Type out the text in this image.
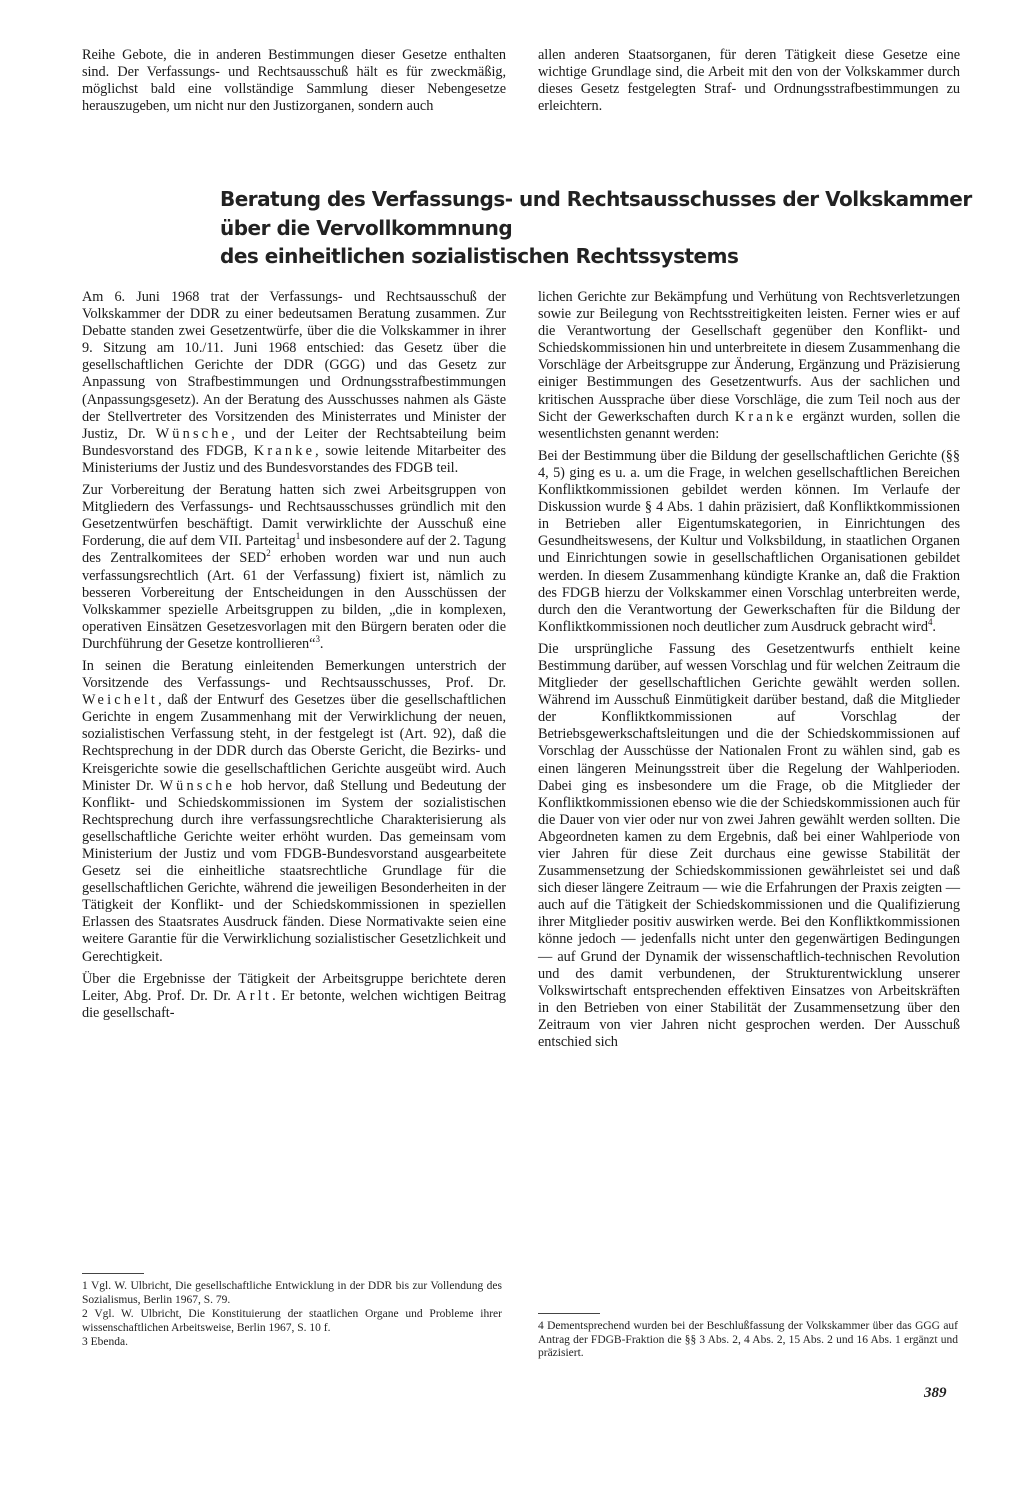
Reihe Gebote, die in anderen Bestimmungen dieser Gesetze enthalten sind. Der Verfassungs- und Rechtsausschuß hält es für zweckmäßig, möglichst bald eine vollständige Sammlung dieser Nebengesetze herauszugeben, um nicht nur den Justizorganen, sondern auch

allen anderen Staatsorganen, für deren Tätigkeit diese Gesetze eine wichtige Grundlage sind, die Arbeit mit den von der Volkskammer durch dieses Gesetz festgelegten Straf- und Ordnungsstrafbestimmungen zu erleichtern.

Beratung des Verfassungs- und Rechtsausschusses der Volkskammer
über die Vervollkommnung
des einheitlichen sozialistischen Rechtssystems

Am 6. Juni 1968 trat der Verfassungs- und Rechtsausschuß der Volkskammer der DDR zu einer bedeutsamen Beratung zusammen. Zur Debatte standen zwei Gesetzentwürfe, über die die Volkskammer in ihrer 9. Sitzung am 10./11. Juni 1968 entschied: das Gesetz über die gesellschaftlichen Gerichte der DDR (GGG) und das Gesetz zur Anpassung von Strafbestimmungen und Ordnungsstrafbestimmungen (Anpassungsgesetz). An der Beratung des Ausschusses nahmen als Gäste der Stellvertreter des Vorsitzenden des Ministerrates und Minister der Justiz, Dr. Wünsche, und der Leiter der Rechtsabteilung beim Bundesvorstand des FDGB, Kranke, sowie leitende Mitarbeiter des Ministeriums der Justiz und des Bundesvorstandes des FDGB teil.

Zur Vorbereitung der Beratung hatten sich zwei Arbeitsgruppen von Mitgliedern des Verfassungs- und Rechtsausschusses gründlich mit den Gesetzentwürfen beschäftigt. Damit verwirklichte der Ausschuß eine Forderung, die auf dem VII. Parteitag$^1$ und insbesondere auf der 2. Tagung des Zentralkomitees der SED$^2$ erhoben worden war und nun auch verfassungsrechtlich (Art. 61 der Verfassung) fixiert ist, nämlich zu besseren Vorbereitung der Entscheidungen in den Ausschüssen der Volkskammer spezielle Arbeitsgruppen zu bilden, „die in komplexen, operativen Einsätzen Gesetzesvorlagen mit den Bürgern beraten oder die Durchführung der Gesetze kontrollieren“$^3$.

In seinen die Beratung einleitenden Bemerkungen unterstrich der Vorsitzende des Verfassungs- und Rechtsausschusses, Prof. Dr. Weichelt, daß der Entwurf des Gesetzes über die gesellschaftlichen Gerichte in engem Zusammenhang mit der Verwirklichung der neuen, sozialistischen Verfassung steht, in der festgelegt ist (Art. 92), daß die Rechtsprechung in der DDR durch das Oberste Gericht, die Bezirks- und Kreisgerichte sowie die gesellschaftlichen Gerichte ausgeübt wird. Auch Minister Dr. Wünsche hob hervor, daß Stellung und Bedeutung der Konflikt- und Schiedskommissionen im System der sozialistischen Rechtsprechung durch ihre verfassungsrechtliche Charakterisierung als gesellschaftliche Gerichte weiter erhöht wurden. Das gemeinsam vom Ministerium der Justiz und vom FDGB-Bundesvorstand ausgearbeitete Gesetz sei die einheitliche staatsrechtliche Grundlage für die gesellschaftlichen Gerichte, während die jeweiligen Besonderheiten in der Tätigkeit der Konflikt- und der Schiedskommissionen in speziellen Erlassen des Staatsrates Ausdruck fänden. Diese Normativakte seien eine weitere Garantie für die Verwirklichung sozialistischer Gesetzlichkeit und Gerechtigkeit.

Über die Ergebnisse der Tätigkeit der Arbeitsgruppe berichtete deren Leiter, Abg. Prof. Dr. Dr. Arlt. Er betonte, welchen wichtigen Beitrag die gesellschaft-

lichen Gerichte zur Bekämpfung und Verhütung von Rechtsverletzungen sowie zur Beilegung von Rechtsstreitigkeiten leisten. Ferner wies er auf die Verantwortung der Gesellschaft gegenüber den Konflikt- und Schiedskommissionen hin und unterbreitete in diesem Zusammenhang die Vorschläge der Arbeitsgruppe zur Änderung, Ergänzung und Präzisierung einiger Bestimmungen des Gesetzentwurfs. Aus der sachlichen und kritischen Aussprache über diese Vorschläge, die zum Teil noch aus der Sicht der Gewerkschaften durch Kranke ergänzt wurden, sollen die wesentlichsten genannt werden:

Bei der Bestimmung über die Bildung der gesellschaftlichen Gerichte (§§ 4, 5) ging es u. a. um die Frage, in welchen gesellschaftlichen Bereichen Konfliktkommissionen gebildet werden können. Im Verlaufe der Diskussion wurde § 4 Abs. 1 dahin präzisiert, daß Konfliktkommissionen in Betrieben aller Eigentumskategorien, in Einrichtungen des Gesundheitswesens, der Kultur und Volksbildung, in staatlichen Organen und Einrichtungen sowie in gesellschaftlichen Organisationen gebildet werden. In diesem Zusammenhang kündigte Kranke an, daß die Fraktion des FDGB hierzu der Volkskammer einen Vorschlag unterbreiten werde, durch den die Verantwortung der Gewerkschaften für die Bildung der Konfliktkommissionen noch deutlicher zum Ausdruck gebracht wird$^4$.

Die ursprüngliche Fassung des Gesetzentwurfs enthielt keine Bestimmung darüber, auf wessen Vorschlag und für welchen Zeitraum die Mitglieder der gesellschaftlichen Gerichte gewählt werden sollen. Während im Ausschuß Einmütigkeit darüber bestand, daß die Mitglieder der Konfliktkommissionen auf Vorschlag der Betriebsgewerkschaftsleitungen und die der Schiedskommissionen auf Vorschlag der Ausschüsse der Nationalen Front zu wählen sind, gab es einen längeren Meinungsstreit über die Regelung der Wahlperioden. Dabei ging es insbesondere um die Frage, ob die Mitglieder der Konfliktkommissionen ebenso wie die der Schiedskommissionen auch für die Dauer von vier oder nur von zwei Jahren gewählt werden sollten. Die Abgeordneten kamen zu dem Ergebnis, daß bei einer Wahlperiode von vier Jahren für diese Zeit durchaus eine gewisse Stabilität der Zusammensetzung der Schiedskommissionen gewährleistet sei und daß sich dieser längere Zeitraum — wie die Erfahrungen der Praxis zeigten — auch auf die Tätigkeit der Schiedskommissionen und die Qualifizierung ihrer Mitglieder positiv auswirken werde. Bei den Konfliktkommissionen könne jedoch — jedenfalls nicht unter den gegenwärtigen Bedingungen — auf Grund der Dynamik der wissenschaftlich-technischen Revolution und des damit verbundenen, der Strukturentwicklung unserer Volkswirtschaft entsprechenden effektiven Einsatzes von Arbeitskräften in den Betrieben von einer Stabilität der Zusammensetzung über den Zeitraum von vier Jahren nicht gesprochen werden. Der Ausschuß entschied sich

1 Vgl. W. Ulbricht, Die gesellschaftliche Entwicklung in der DDR bis zur Vollendung des Sozialismus, Berlin 1967, S. 79.
2 Vgl. W. Ulbricht, Die Konstituierung der staatlichen Organe und Probleme ihrer wissenschaftlichen Arbeitsweise, Berlin 1967, S. 10 f.
3 Ebenda.
4 Dementsprechend wurden bei der Beschlußfassung der Volkskammer über das GGG auf Antrag der FDGB-Fraktion die §§ 3 Abs. 2, 4 Abs. 2, 15 Abs. 2 und 16 Abs. 1 ergänzt und präzisiert.

389
